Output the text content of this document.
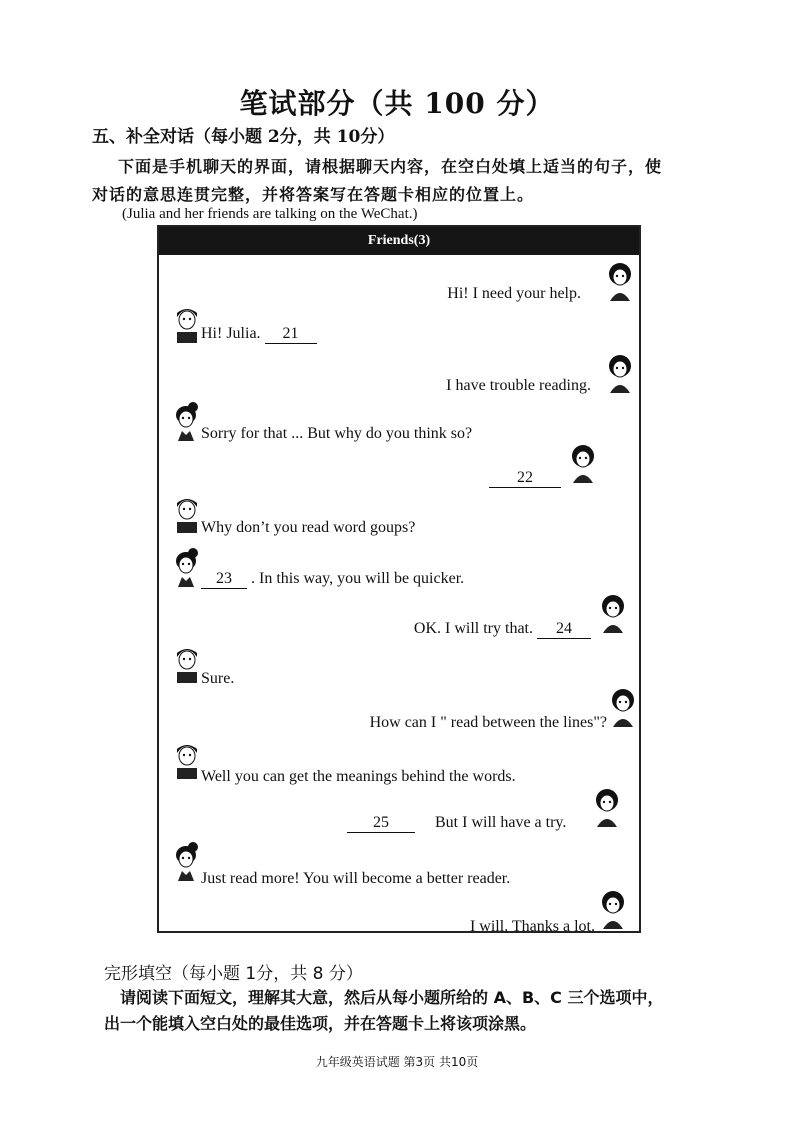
笔试部分（共 100 分）
五、补全对话（每小题 2分，共 10分）
下面是手机聊天的界面，请根据聊天内容，在空白处填上适当的句子，使
对话的意思连贯完整，并将答案写在答题卡相应的位置上。
(Julia and her friends are talking on the WeChat.)
Friends(3)
Hi! I need your help.
Hi! Julia. 21
I have trouble reading.
Sorry for that ... But why do you think so?
22
Why don’t you read word goups?
23 . In this way, you will be quicker.
OK. I will try that. 24
Sure.
How can I " read between the lines"?
Well you can get the meanings behind the words.
25	But I will have a try.
Just read more! You will become a better reader.
I will. Thanks a lot.
完形填空（每小题 1分，共 8 分）
请阅读下面短文，理解其大意，然后从每小题所给的 A、B、C 三个选项中，
出一个能填入空白处的最佳选项，并在答题卡上将该项涂黑。
九年级英语试题 第3页 共10页
